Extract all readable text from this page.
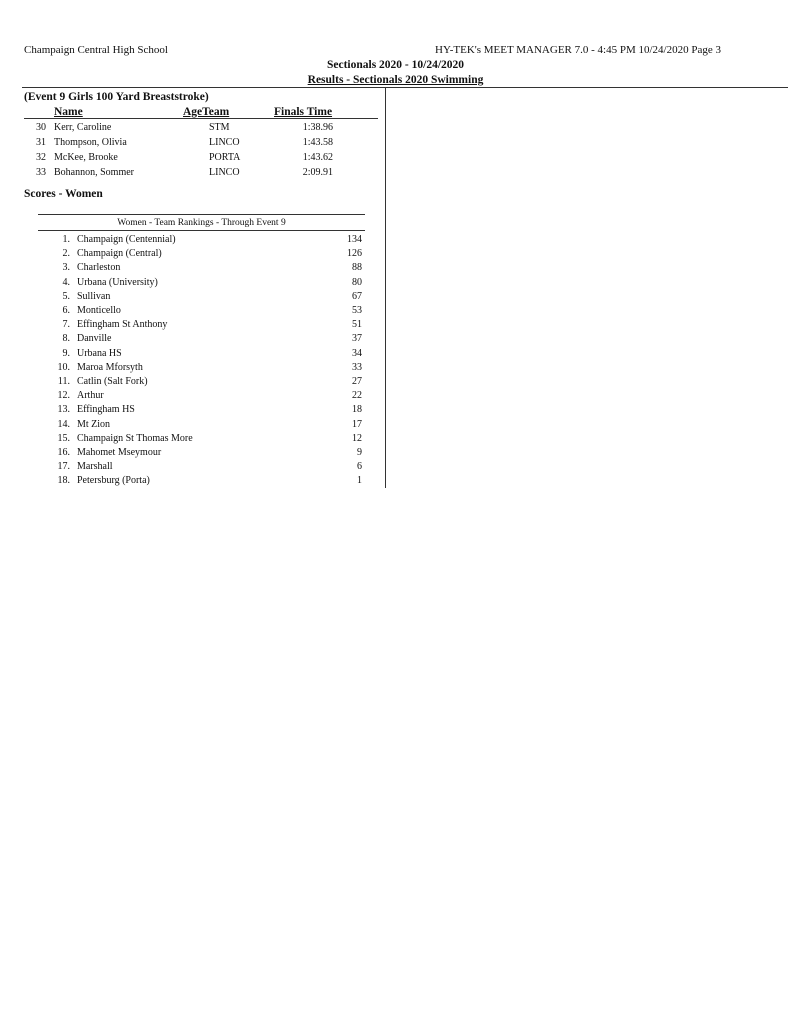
Champaign Central High School	HY-TEK's MEET MANAGER 7.0 - 4:45 PM 10/24/2020 Page 3
Sectionals 2020 - 10/24/2020
Results - Sectionals 2020 Swimming
(Event 9 Girls 100 Yard Breaststroke)
Name	AgeTeam	Finals Time
30 Kerr, Caroline	STM	1:38.96
31 Thompson, Olivia	LINCO	1:43.58
32 McKee, Brooke	PORTA	1:43.62
33 Bohannon, Sommer	LINCO	2:09.91
Scores - Women
Women - Team Rankings - Through Event 9
1. Champaign (Centennial)	134
2. Champaign (Central)	126
3. Charleston	88
4. Urbana (University)	80
5. Sullivan	67
6. Monticello	53
7. Effingham St Anthony	51
8. Danville	37
9. Urbana HS	34
10. Maroa Mforsyth	33
11. Catlin (Salt Fork)	27
12. Arthur	22
13. Effingham HS	18
14. Mt Zion	17
15. Champaign St Thomas More	12
16. Mahomet Mseymour	9
17. Marshall	6
18. Petersburg (Porta)	1
